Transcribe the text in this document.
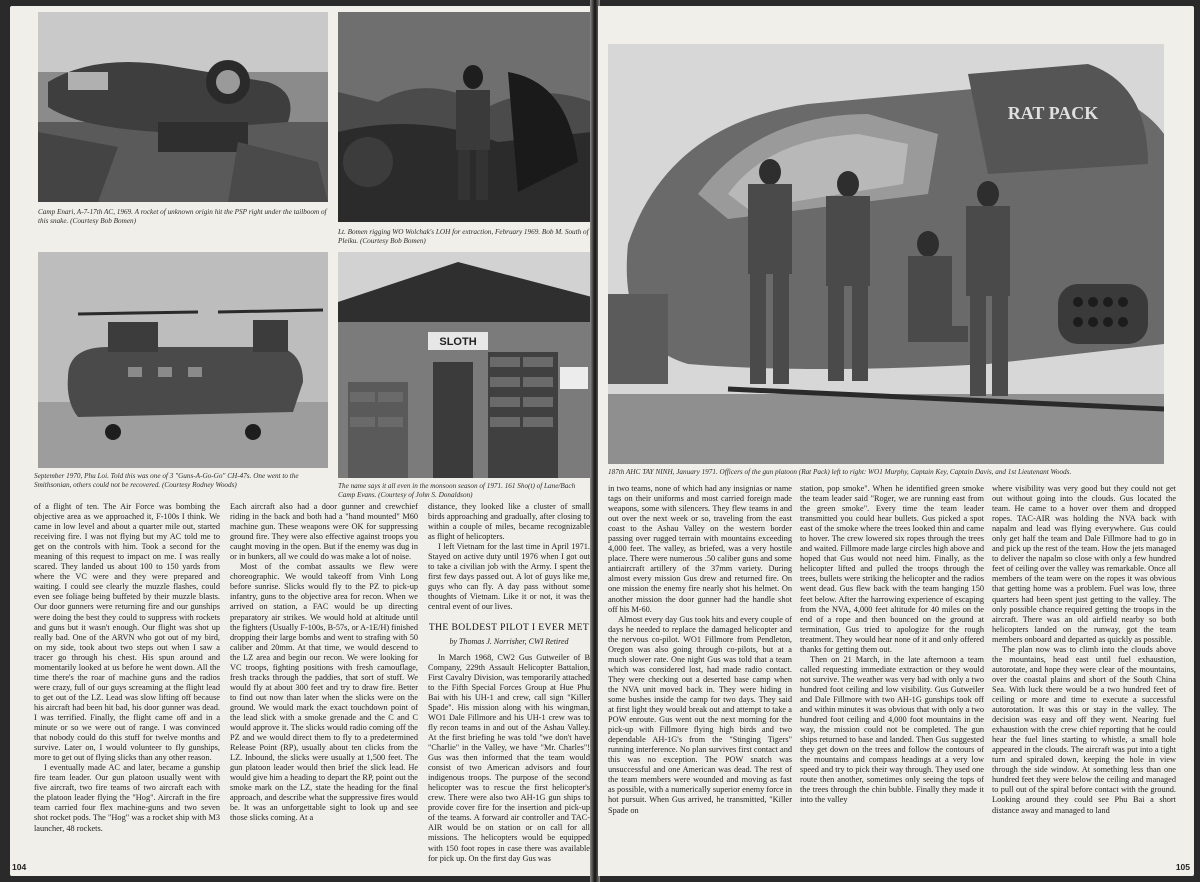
Camp Enari, A-7-17th AC, 1969. A rocket of unknown origin hit the PSP right under the tailboom of this snake. (Courtesy Bob Bomen)
Lt. Bomen rigging WO Wolchak's LOH for extraction, February 1969. Bob M. South of Pleiku. (Courtesy Bob Bomen)
September 1970, Phu Loi. Told this was one of 3 "Guns-A-Go-Go" CH-47s. One went to the Smithsonian, others could not be recovered. (Courtesy Rodney Woods)
SLOTH
The name says it all even in the monsoon season of 1971. 161 Sho(t) of Lane/Bach Camp Evans. (Courtesy of John S. Donaldson)

of a flight of ten. The Air Force was bombing the objective area as we approached it, F-100s I think. We came in low level and about a quarter mile out, started receiving fire. I was not flying but my AC told me to get on the controls with him. Took a second for the meaning of this request to impact on me. I was really scared. They landed us about 100 to 150 yards from where the VC were and they were prepared and waiting. I could see clearly the muzzle flashes, could even see foliage being buffeted by their muzzle blasts. Our door gunners were returning fire and our gunships were doing the best they could to suppress with rockets and guns but it wasn't enough. Our flight was shot up really bad. One of the ARVN who got out of my bird, on my side, took about two steps out when I saw a tracer go through his chest. His spun around and momentarily looked at us before he went down. All the time there's the roar of machine guns and the radios were crazy, full of our guys screaming at the flight lead to get out of the LZ. Lead was slow lifting off because his aircraft had been hit bad, his door gunner was dead. I was terrified. Finally, the flight came off and in a minute or so we were out of range. I was convinced that nobody could do this stuff for twelve months and survive. Later on, I would volunteer to fly gunships, more to get out of flying slicks than any other reason.

I eventually made AC and later, became a gunship fire team leader. Our gun platoon usually went with five aircraft, two fire teams of two aircraft each with the platoon leader flying the "Hog". Aircraft in the fire team carried four flex machine-guns and two seven shot rocket pods. The "Hog" was a rocket ship with M3 launcher, 48 rockets.

Each aircraft also had a door gunner and crewchief riding in the back and both had a "hand mounted" M60 machine gun. These weapons were OK for suppressing ground fire. They were also effective against troops you caught moving in the open. But if the enemy was dug in or in bunkers, all we could do was make a lot of noise.

Most of the combat assaults we flew were choreographic. We would takeoff from Vinh Long before sunrise. Slicks would fly to the PZ to pick-up infantry, guns to the objective area for recon. When we arrived on station, a FAC would be up directing preparatory air strikes. We would hold at altitude until the fighters (Usually F-100s, B-57s, or A-1E/H) finished dropping their large bombs and went to strafing with 50 caliber and 20mm. At that time, we would descend to the LZ area and begin our recon. We were looking for VC troops, fighting positions with fresh camouflage, fresh tracks through the paddies, that sort of stuff. We would fly at about 300 feet and try to draw fire. Better to find out now than later when the slicks were on the ground. We would mark the exact touchdown point of the lead slick with a smoke grenade and the C and C would approve it. The slicks would radio coming off the PZ and we would direct them to fly to a predetermined Release Point (RP), usually about ten clicks from the LZ. Inbound, the slicks were usually at 1,500 feet. The gun platoon leader would then brief the slick lead. He would give him a heading to depart the RP, point out the smoke mark on the LZ, state the heading for the final approach, and describe what the suppressive fires would be. It was an unforgettable sight to look up and see those slicks coming. At a

distance, they looked like a cluster of small birds approaching and gradually, after closing to within a couple of miles, became recognizable as flight of helicopters.

I left Vietnam for the last time in April 1971. Stayed on active duty until 1976 when I got out to take a civilian job with the Army. I spent the first few days passed out. A lot of guys like me, guys who can fly. A day pass without some thoughts of Vietnam. Like it or not, it was the central event of our lives.

THE BOLDEST PILOT I EVER MET
by Thomas J. Norrisher, CWI Retired

In March 1968, CW2 Gus Gutweiler of B Company, 229th Assault Helicopter Battalion, First Cavalry Division, was temporarily attached to the Fifth Special Forces Group at Hue Phu Bai with his UH-1 and crew, call sign "Killer Spade". His mission along with his wingman, WO1 Dale Fillmore and his UH-1 crew was to fly recon teams in and out of the Ashau Valley. At the first briefing he was told "we don't have "Charlie" in the Valley, we have "Mr. Charles"! Gus was then informed that the team would consist of two American advisors and four indigenous troops. The purpose of the second helicopter was to rescue the first helicopter's crew. There were also two AH-1G gun ships to provide cover fire for the insertion and pick-up of the teams. A forward air controller and TAC-AIR would be on station or on call for all missions. The helicopters would be equipped with 150 foot ropes in case there was available for pick up. On the first day Gus was

104
RAT PACK
187th AHC TAY NINH, January 1971. Officers of the gun platoon (Rat Pack) left to right: WO1 Murphy, Captain Key, Captain Davis, and 1st Lieutenant Woods.

in two teams, none of which had any insignias or name tags on their uniforms and most carried foreign made weapons, some with silencers. They flew teams in and out over the next week or so, traveling from the east coast to the Ashau Valley on the western border passing over rugged terrain with mountains exceeding 4,000 feet. The valley, as briefed, was a very hostile place. There were numerous .50 caliber guns and some antiaircraft artillery of the 37mm variety. During almost every mission Gus drew and returned fire. On one mission the enemy fire nearly shot his helmet. On another mission the door gunner had the handle shot off his M-60.

Almost every day Gus took hits and every couple of days he needed to replace the damaged helicopter and the nervous co-pilot. WO1 Fillmore from Pendleton, Oregon was also going through co-pilots, but at a much slower rate. One night Gus was told that a team which was considered lost, had made radio contact. They were checking out a deserted base camp when the NVA unit moved back in. They were hiding in some bushes inside the camp for two days. They said at first light they would break out and attempt to take a POW enroute. Gus went out the next morning for the pick-up with Fillmore flying high birds and two dependable AH-1G's from the "Stinging Tigers" running interference. No plan survives first contact and this was no exception. The POW snatch was unsuccessful and one American was dead. The rest of the team members were wounded and moving as fast as possible, with a numerically superior enemy force in hot pursuit. When Gus arrived, he transmitted, "Killer Spade on

station, pop smoke". When he identified green smoke the team leader said "Roger, we are running east from the green smoke". Every time the team leader transmitted you could hear bullets. Gus picked a spot east of the smoke where the trees looked thin and came to hover. The crew lowered six ropes through the trees and waited. Fillmore made large circles high above and hoped that Gus would not need him. Finally, as the helicopter lifted and pulled the troops through the trees, bullets were striking the helicopter and the radios went dead. Gus flew back with the team hanging 150 feet below. After the harrowing experience of escaping from the NVA, 4,000 feet altitude for 40 miles on the end of a rope and then bounced on the ground at termination, Gus tried to apologize for the rough treatment. They would hear none of it and only offered thanks for getting them out.

Then on 21 March, in the late afternoon a team called requesting immediate extraction or they would not survive. The weather was very bad with only a two hundred foot ceiling and low visibility. Gus Gutweiler and Dale Fillmore with two AH-1G gunships took off and within minutes it was obvious that with only a two hundred foot ceiling and 4,000 foot mountains in the way, the mission could not be completed. The gun ships returned to base and landed. Then Gus suggested they get down on the trees and follow the contours of the mountains and compass headings at a very low speed and try to pick their way through. They used one route then another, sometimes only seeing the tops of the trees through the chin bubble. Finally they made it into the valley

where visibility was very good but they could not get out without going into the clouds. Gus located the team. He came to a hover over them and dropped ropes. TAC-AIR was holding the NVA back with napalm and lead was flying everywhere. Gus could only get half the team and Dale Fillmore had to go in and pick up the rest of the team. How the jets managed to deliver the napalm so close with only a few hundred feet of ceiling over the valley was remarkable. Once all members of the team were on the ropes it was obvious that getting home was a problem. Fuel was low, three quarters had been spent just getting to the valley. The only possible chance required getting the troops in the aircraft. There was an old airfield nearby so both helicopters landed on the runway, got the team members onboard and departed as quickly as possible.

The plan now was to climb into the clouds above the mountains, head east until fuel exhaustion, autorotate, and hope they were clear of the mountains, over the coastal plains and short of the South China Sea. With luck there would be a two hundred feet of ceiling or more and time to execute a successful autorotation. It was this or stay in the valley. The decision was easy and off they went. Nearing fuel exhaustion with the crew chief reporting that he could hear the fuel lines starting to whistle, a small hole appeared in the clouds. The aircraft was put into a tight turn and spiraled down, keeping the hole in view through the side window. At something less than one hundred feet they were below the ceiling and managed to pull out of the spiral before contact with the ground. Looking around they could see Phu Bai a short distance away and managed to land

105
